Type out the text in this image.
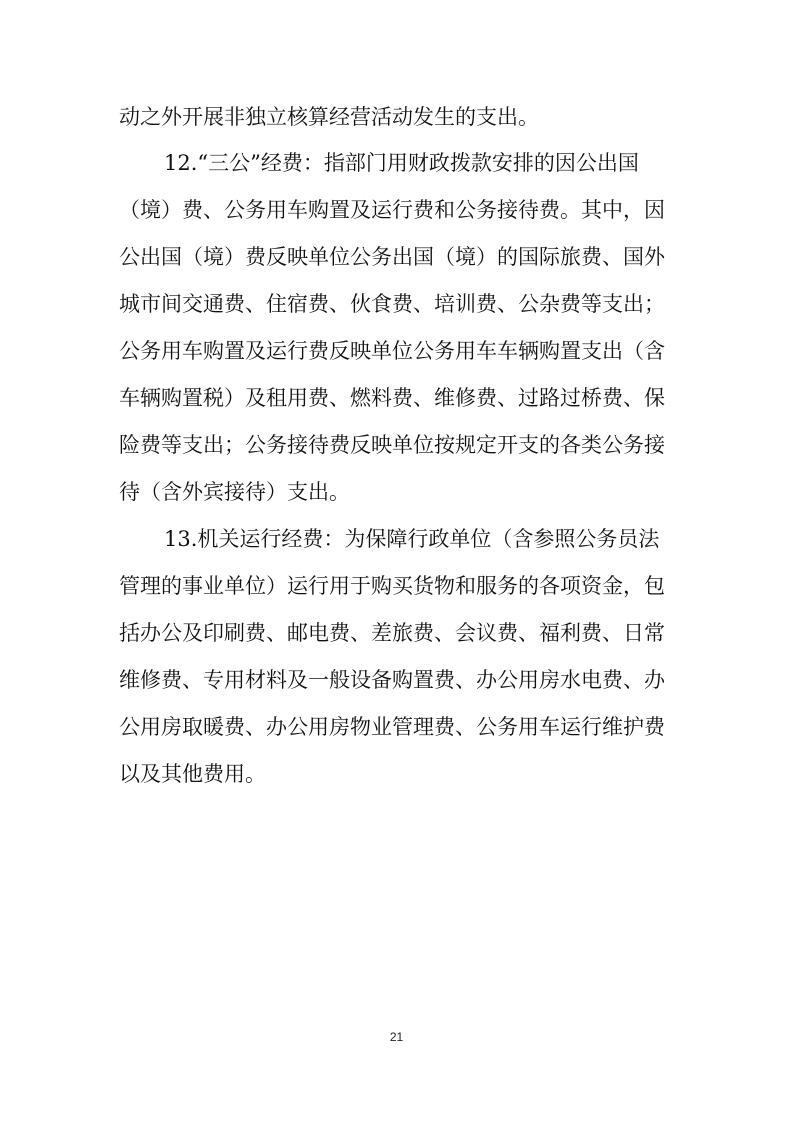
动之外开展非独立核算经营活动发生的支出。
12.“三公”经费：指部门用财政拨款安排的因公出国
（境）费、公务用车购置及运行费和公务接待费。其中，因
公出国（境）费反映单位公务出国（境）的国际旅费、国外
城市间交通费、住宿费、伙食费、培训费、公杂费等支出；
公务用车购置及运行费反映单位公务用车车辆购置支出（含
车辆购置税）及租用费、燃料费、维修费、过路过桥费、保
险费等支出；公务接待费反映单位按规定开支的各类公务接
待（含外宾接待）支出。
13.机关运行经费：为保障行政单位（含参照公务员法
管理的事业单位）运行用于购买货物和服务的各项资金，包
括办公及印刷费、邮电费、差旅费、会议费、福利费、日常
维修费、专用材料及一般设备购置费、办公用房水电费、办
公用房取暖费、办公用房物业管理费、公务用车运行维护费
以及其他费用。
21
